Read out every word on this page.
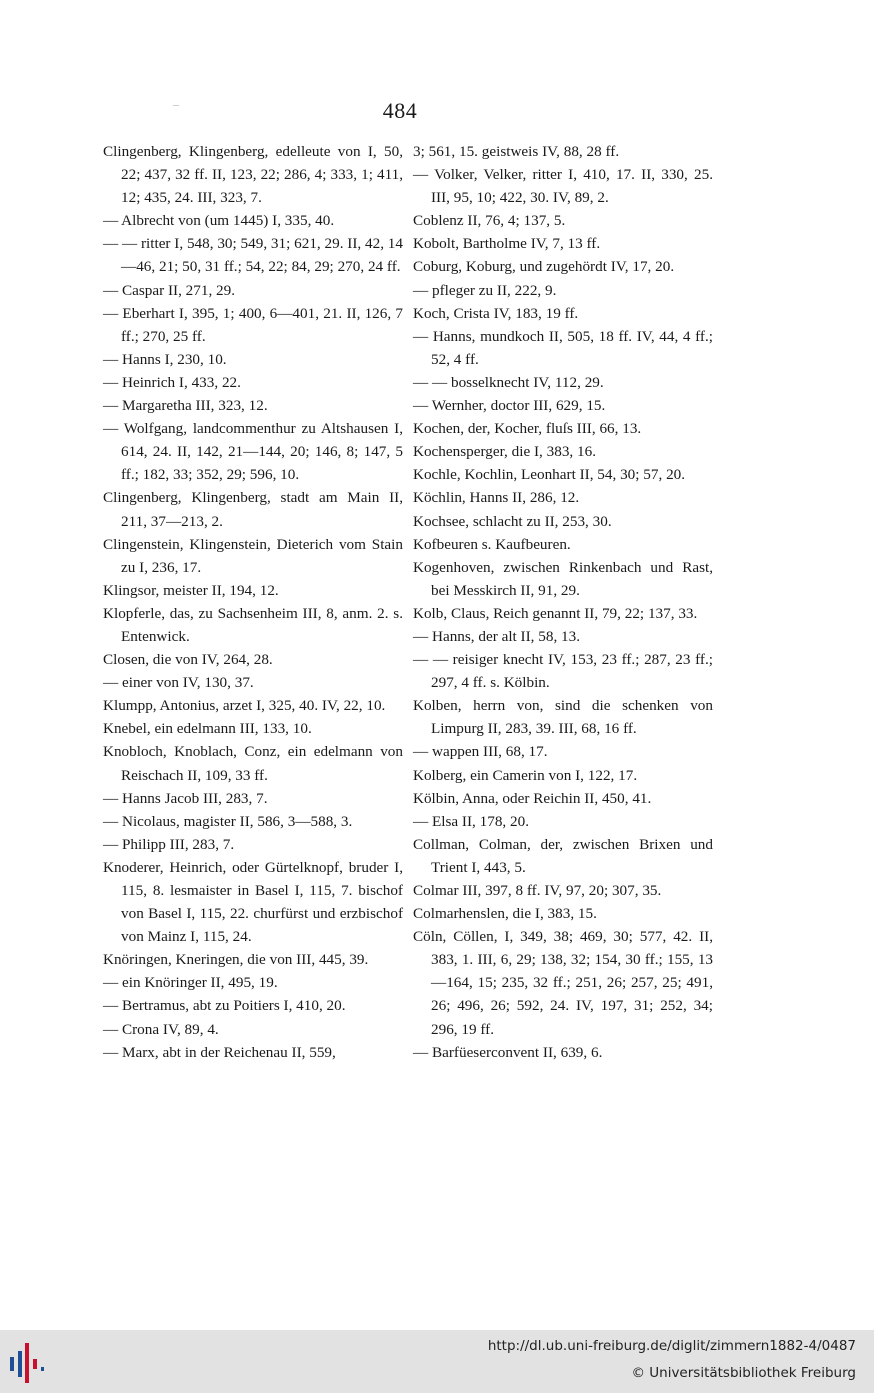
484

Clingenberg, Klingenberg, edelleute von I, 50, 22; 437, 32 ff. II, 123, 22; 286, 4; 333, 1; 411, 12; 435, 24. III, 323, 7.

— Albrecht von (um 1445) I, 335, 40.

— — ritter I, 548, 30; 549, 31; 621, 29. II, 42, 14—46, 21; 50, 31 ff.; 54, 22; 84, 29; 270, 24 ff.

— Caspar II, 271, 29.

— Eberhart I, 395, 1; 400, 6—401, 21. II, 126, 7 ff.; 270, 25 ff.

— Hanns I, 230, 10.

— Heinrich I, 433, 22.

— Margaretha III, 323, 12.

— Wolfgang, landcommenthur zu Altshausen I, 614, 24. II, 142, 21—144, 20; 146, 8; 147, 5 ff.; 182, 33; 352, 29; 596, 10.

Clingenberg, Klingenberg, stadt am Main II, 211, 37—213, 2.

Clingenstein, Klingenstein, Dieterich vom Stain zu I, 236, 17.

Klingsor, meister II, 194, 12.

Klopferle, das, zu Sachsenheim III, 8, anm. 2. s. Entenwick.

Closen, die von IV, 264, 28.

— einer von IV, 130, 37.

Klumpp, Antonius, arzet I, 325, 40. IV, 22, 10.

Knebel, ein edelmann III, 133, 10.

Knobloch, Knoblach, Conz, ein edelmann von Reischach II, 109, 33 ff.

— Hanns Jacob III, 283, 7.

— Nicolaus, magister II, 586, 3—588, 3.

— Philipp III, 283, 7.

Knoderer, Heinrich, oder Gürtelknopf, bruder I, 115, 8. lesmaister in Basel I, 115, 7. bischof von Basel I, 115, 22. churfürst und erzbischof von Mainz I, 115, 24.

Knöringen, Kneringen, die von III, 445, 39.

— ein Knöringer II, 495, 19.

— Bertramus, abt zu Poitiers I, 410, 20.

— Crona IV, 89, 4.

— Marx, abt in der Reichenau II, 559,

3; 561, 15. geistweis IV, 88, 28 ff.

— Volker, Velker, ritter I, 410, 17. II, 330, 25. III, 95, 10; 422, 30. IV, 89, 2.

Coblenz II, 76, 4; 137, 5.

Kobolt, Bartholme IV, 7, 13 ff.

Coburg, Koburg, und zugehördt IV, 17, 20.

— pfleger zu II, 222, 9.

Koch, Crista IV, 183, 19 ff.

— Hanns, mundkoch II, 505, 18 ff. IV, 44, 4 ff.; 52, 4 ff.

— — bosselknecht IV, 112, 29.

— Wernher, doctor III, 629, 15.

Kochen, der, Kocher, fluſs III, 66, 13.

Kochensperger, die I, 383, 16.

Kochle, Kochlin, Leonhart II, 54, 30; 57, 20.

Köchlin, Hanns II, 286, 12.

Kochsee, schlacht zu II, 253, 30.

Kofbeuren s. Kaufbeuren.

Kogenhoven, zwischen Rinkenbach und Rast, bei Messkirch II, 91, 29.

Kolb, Claus, Reich genannt II, 79, 22; 137, 33.

— Hanns, der alt II, 58, 13.

— — reisiger knecht IV, 153, 23 ff.; 287, 23 ff.; 297, 4 ff. s. Kölbin.

Kolben, herrn von, sind die schenken von Limpurg II, 283, 39. III, 68, 16 ff.

— wappen III, 68, 17.

Kolberg, ein Camerin von I, 122, 17.

Kölbin, Anna, oder Reichin II, 450, 41.

— Elsa II, 178, 20.

Collman, Colman, der, zwischen Brixen und Trient I, 443, 5.

Colmar III, 397, 8 ff. IV, 97, 20; 307, 35.

Colmarhenslen, die I, 383, 15.

Cöln, Cöllen, I, 349, 38; 469, 30; 577, 42. II, 383, 1. III, 6, 29; 138, 32; 154, 30 ff.; 155, 13—164, 15; 235, 32 ff.; 251, 26; 257, 25; 491, 26; 496, 26; 592, 24. IV, 197, 31; 252, 34; 296, 19 ff.

— Barfüeserconvent II, 639, 6.

http://dl.ub.uni-freiburg.de/diglit/zimmern1882-4/0487
© Universitätsbibliothek Freiburg
